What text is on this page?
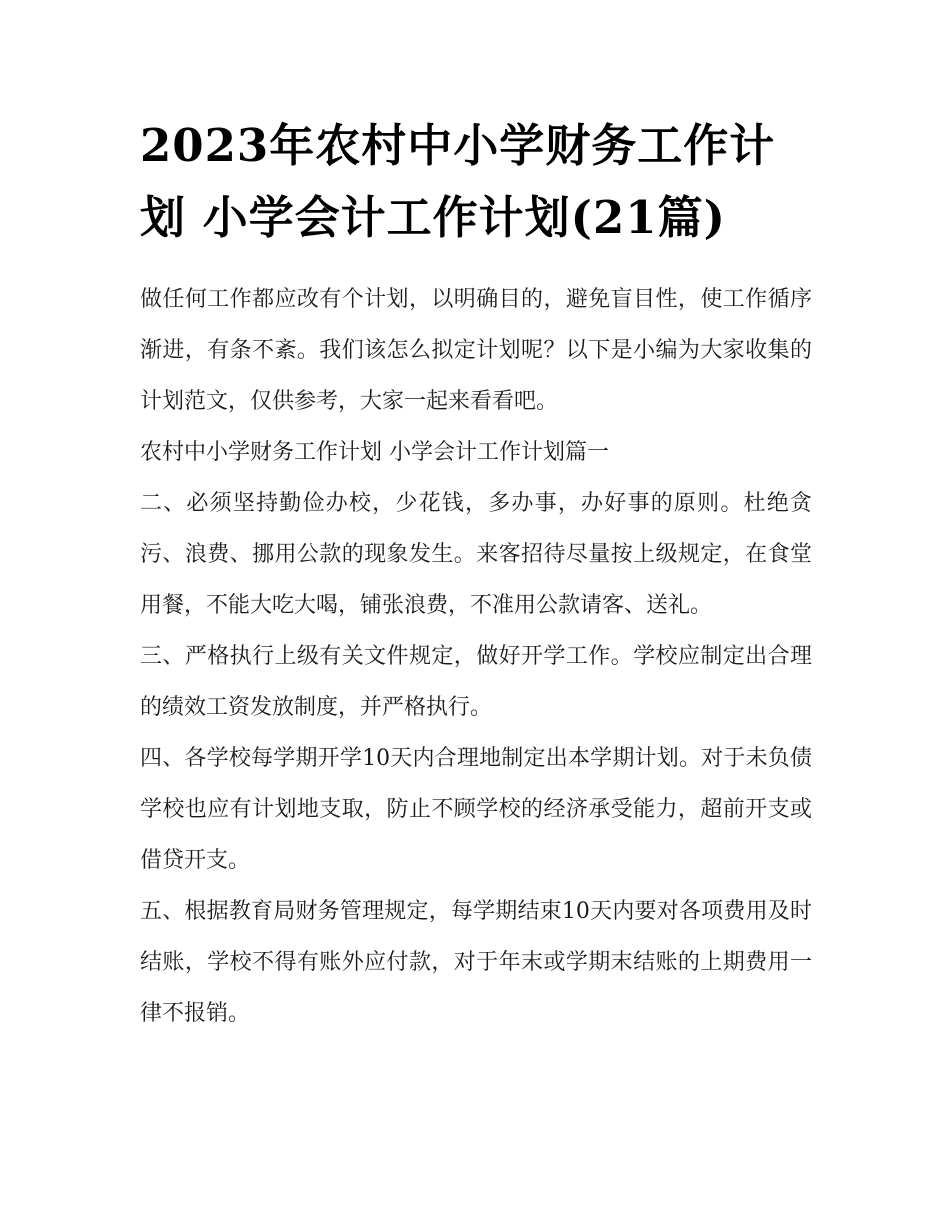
2023年农村中小学财务工作计划 小学会计工作计划(21篇)

做任何工作都应改有个计划，以明确目的，避免盲目性，使工作循序渐进，有条不紊。我们该怎么拟定计划呢？以下是小编为大家收集的计划范文，仅供参考，大家一起来看看吧。

农村中小学财务工作计划 小学会计工作计划篇一

二、必须坚持勤俭办校，少花钱，多办事，办好事的原则。杜绝贪污、浪费、挪用公款的现象发生。来客招待尽量按上级规定，在食堂用餐，不能大吃大喝，铺张浪费，不准用公款请客、送礼。

三、严格执行上级有关文件规定，做好开学工作。学校应制定出合理的绩效工资发放制度，并严格执行。

四、各学校每学期开学10天内合理地制定出本学期计划。对于未负债学校也应有计划地支取，防止不顾学校的经济承受能力，超前开支或借贷开支。

五、根据教育局财务管理规定，每学期结束10天内要对各项费用及时结账，学校不得有账外应付款，对于年末或学期末结账的上期费用一律不报销。
